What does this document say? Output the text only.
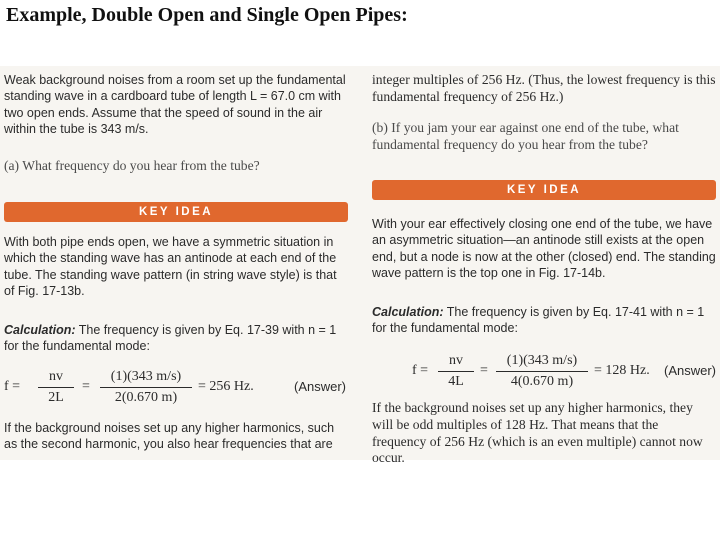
Example, Double Open and Single Open Pipes:

Weak background noises from a room set up the fundamental standing wave in a cardboard tube of length L = 67.0 cm with two open ends. Assume that the speed of sound in the air within the tube is 343 m/s.

(a) What frequency do you hear from the tube?

KEY IDEA

With both pipe ends open, we have a symmetric situation in which the standing wave has an antinode at each end of the tube. The standing wave pattern (in string wave style) is that of Fig. 17-13b.

Calculation: The frequency is given by Eq. 17-39 with n = 1 for the fundamental mode:

f =
nv
2L
=
(1)(343 m/s)
2(0.670 m)
= 256 Hz.	(Answer)

If the background noises set up any higher harmonics, such as the second harmonic, you also hear frequencies that are

integer multiples of 256 Hz. (Thus, the lowest frequency is this fundamental frequency of 256 Hz.)

(b) If you jam your ear against one end of the tube, what fundamental frequency do you hear from the tube?

KEY IDEA

With your ear effectively closing one end of the tube, we have an asymmetric situation—an antinode still exists at the open end, but a node is now at the other (closed) end. The standing wave pattern is the top one in Fig. 17-14b.

Calculation: The frequency is given by Eq. 17-41 with n = 1 for the fundamental mode:

f =
nv
4L
=
(1)(343 m/s)
4(0.670 m)
= 128 Hz. (Answer)

If the background noises set up any higher harmonics, they will be odd multiples of 128 Hz. That means that the frequency of 256 Hz (which is an even multiple) cannot now occur.
